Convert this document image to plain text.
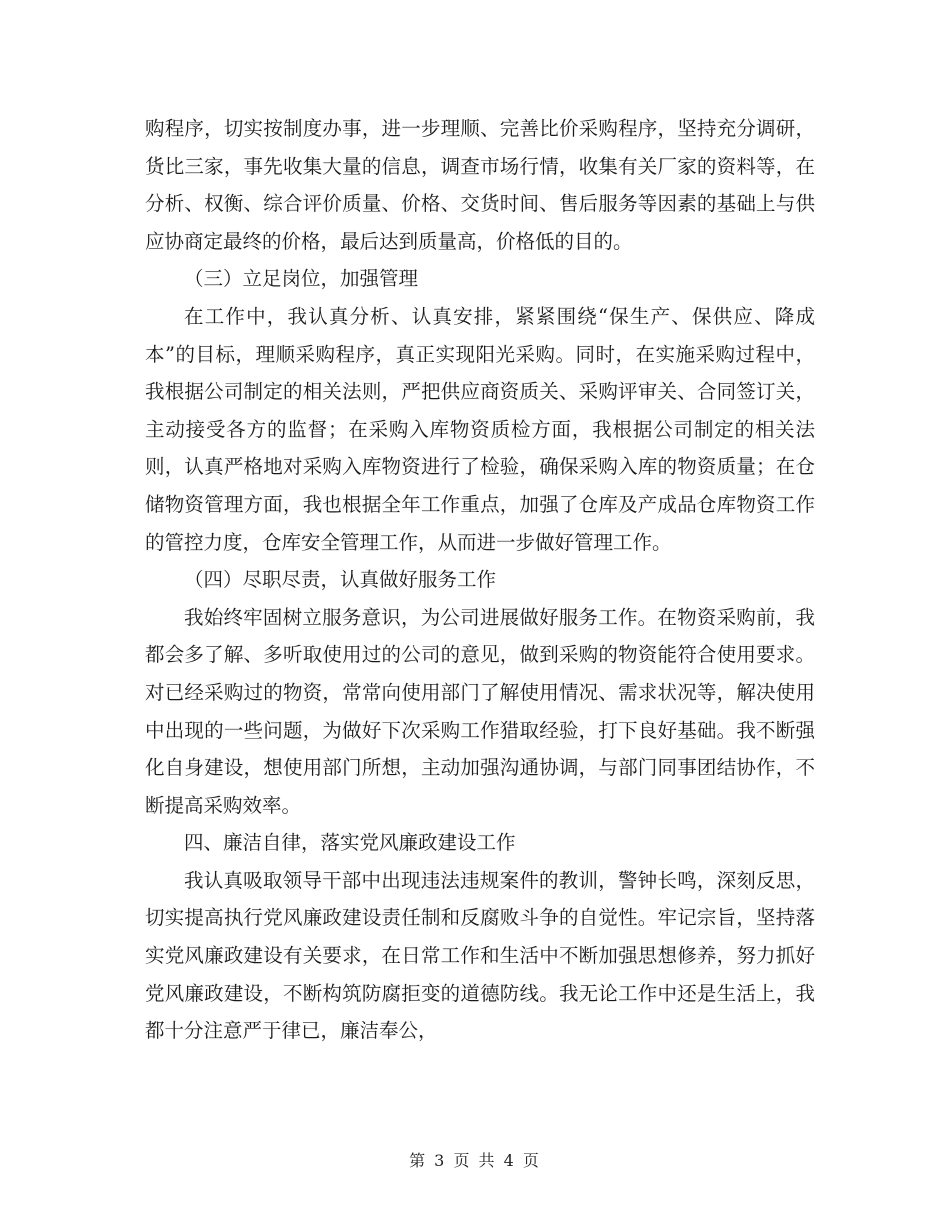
购程序，切实按制度办事，进一步理顺、完善比价采购程序，坚持充分调研，货比三家，事先收集大量的信息，调查市场行情，收集有关厂家的资料等，在分析、权衡、综合评价质量、价格、交货时间、售后服务等因素的基础上与供应协商定最终的价格，最后达到质量高，价格低的目的。

（三）立足岗位，加强管理

在工作中，我认真分析、认真安排，紧紧围绕“保生产、保供应、降成本”的目标，理顺采购程序，真正实现阳光采购。同时，在实施采购过程中，我根据公司制定的相关法则，严把供应商资质关、采购评审关、合同签订关，主动接受各方的监督；在采购入库物资质检方面，我根据公司制定的相关法则，认真严格地对采购入库物资进行了检验，确保采购入库的物资质量；在仓储物资管理方面，我也根据全年工作重点，加强了仓库及产成品仓库物资工作的管控力度，仓库安全管理工作，从而进一步做好管理工作。

（四）尽职尽责，认真做好服务工作

我始终牢固树立服务意识，为公司进展做好服务工作。在物资采购前，我都会多了解、多听取使用过的公司的意见，做到采购的物资能符合使用要求。对已经采购过的物资，常常向使用部门了解使用情况、需求状况等，解决使用中出现的一些问题，为做好下次采购工作猎取经验，打下良好基础。我不断强化自身建设，想使用部门所想，主动加强沟通协调，与部门同事团结协作，不断提高采购效率。

四、廉洁自律，落实党风廉政建设工作

我认真吸取领导干部中出现违法违规案件的教训，警钟长鸣，深刻反思，切实提高执行党风廉政建设责任制和反腐败斗争的自觉性。牢记宗旨，坚持落实党风廉政建设有关要求，在日常工作和生活中不断加强思想修养，努力抓好党风廉政建设，不断构筑防腐拒变的道德防线。我无论工作中还是生活上，我都十分注意严于律已，廉洁奉公，

第 3 页 共 4 页
